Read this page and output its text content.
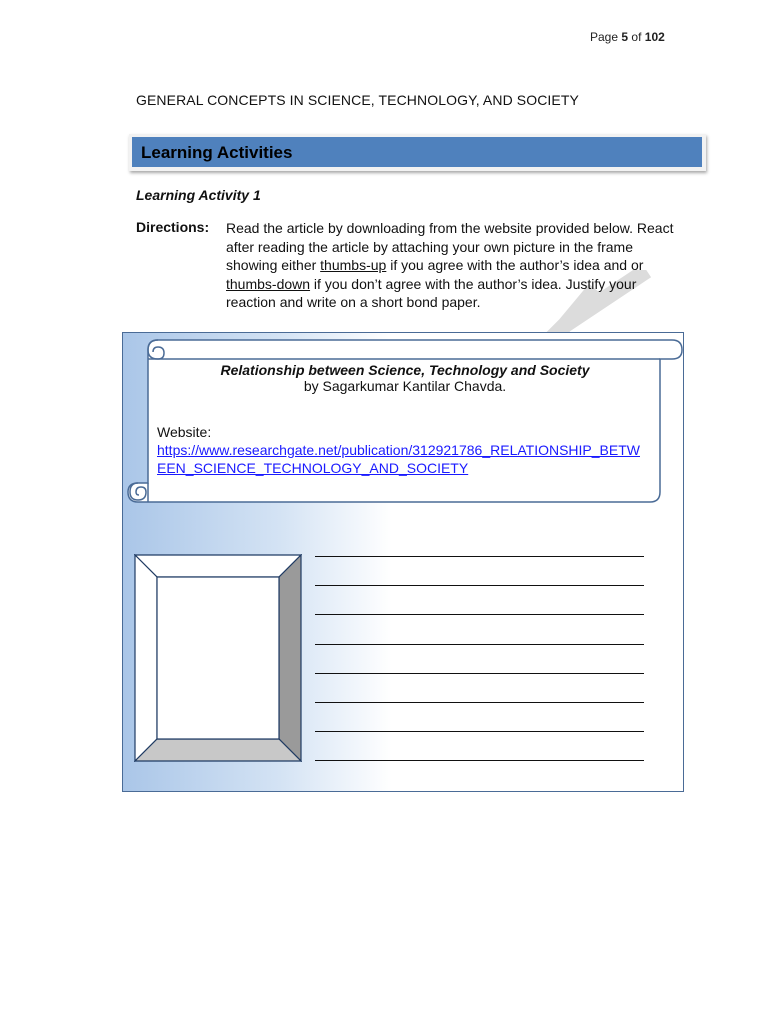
Page 5 of 102
GENERAL CONCEPTS IN SCIENCE, TECHNOLOGY, AND SOCIETY
Learning Activities
Learning Activity 1
Directions: Read the article by downloading from the website provided below. React after reading the article by attaching your own picture in the frame showing either thumbs-up if you agree with the author’s idea and or thumbs-down if you don’t agree with the author’s idea. Justify your reaction and write on a short bond paper.
Relationship between Science, Technology and Society
by Sagarkumar Kantilar Chavda.
Website:
https://www.researchgate.net/publication/312921786_RELATIONSHIP_BETWEEN_SCIENCE_TECHNOLOGY_AND_SOCIETY
